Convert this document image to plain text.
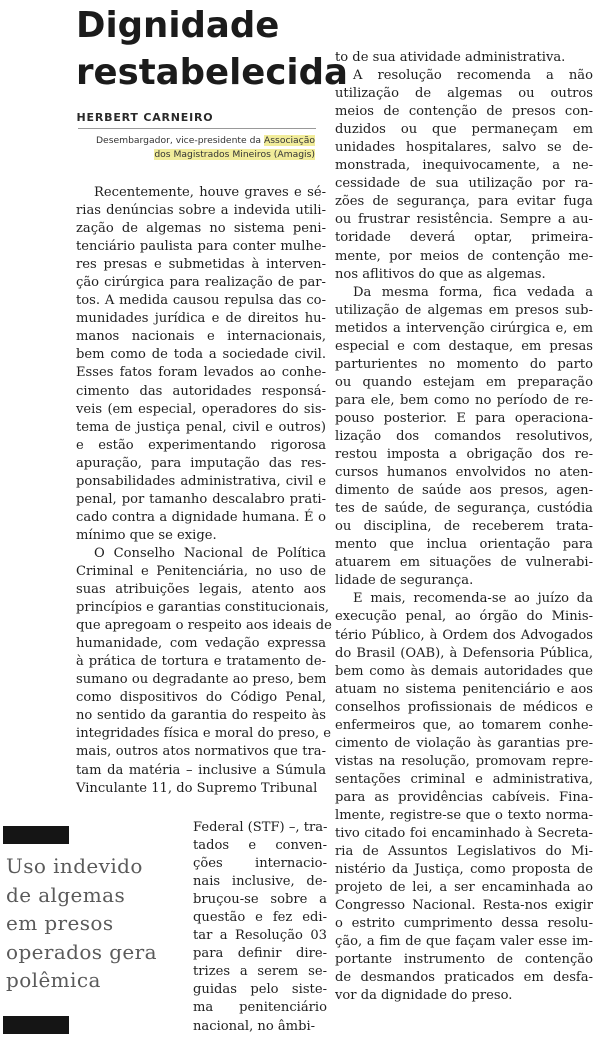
Dignidade
restabelecida
HERBERT CARNEIRO
Desembargador, vice-presidente da Associação
dos Magistrados Mineiros (Amagis)
Recentemente, houve graves e sé-
rias denúncias sobre a indevida utili-
zação de algemas no sistema peni-
tenciário paulista para conter mulhe-
res presas e submetidas à interven-
ção cirúrgica para realização de par-
tos. A medida causou repulsa das co-
munidades jurídica e de direitos hu-
manos nacionais e internacionais,
bem como de toda a sociedade civil.
Esses fatos foram levados ao conhe-
cimento das autoridades responsá-
veis (em especial, operadores do sis-
tema de justiça penal, civil e outros)
e estão experimentando rigorosa
apuração, para imputação das res-
ponsabilidades administrativa, civil e
penal, por tamanho descalabro prati-
cado contra a dignidade humana. É o
mínimo que se exige.
O Conselho Nacional de Política
Criminal e Penitenciária, no uso de
suas atribuições legais, atento aos
princípios e garantias constitucionais,
que apregoam o respeito aos ideais de
humanidade, com vedação expressa
à prática de tortura e tratamento de-
sumano ou degradante ao preso, bem
como dispositivos do Código Penal,
no sentido da garantia do respeito às
integridades física e moral do preso, e
mais, outros atos normativos que tra-
tam da matéria – inclusive a Súmula
Vinculante 11, do Supremo Tribunal
Federal (STF) –, tra-
tados e conven-
ções internacio-
nais inclusive, de-
bruçou-se sobre a
questão e fez edi-
tar a Resolução 03
para definir dire-
trizes a serem se-
guidas pelo siste-
ma penitenciário
nacional, no âmbi-
to de sua atividade administrativa.
A resolução recomenda a não
utilização de algemas ou outros
meios de contenção de presos con-
duzidos ou que permaneçam em
unidades hospitalares, salvo se de-
monstrada, inequivocamente, a ne-
cessidade de sua utilização por ra-
zões de segurança, para evitar fuga
ou frustrar resistência. Sempre a au-
toridade deverá optar, primeira-
mente, por meios de contenção me-
nos aflitivos do que as algemas.
Da mesma forma, fica vedada a
utilização de algemas em presos sub-
metidos a intervenção cirúrgica e, em
especial e com destaque, em presas
parturientes no momento do parto
ou quando estejam em preparação
para ele, bem como no período de re-
pouso posterior. E para operaciona-
lização dos comandos resolutivos,
restou imposta a obrigação dos re-
cursos humanos envolvidos no aten-
dimento de saúde aos presos, agen-
tes de saúde, de segurança, custódia
ou disciplina, de receberem trata-
mento que inclua orientação para
atuarem em situações de vulnerabi-
lidade de segurança.
E mais, recomenda-se ao juízo da
execução penal, ao órgão do Minis-
tério Público, à Ordem dos Advogados
do Brasil (OAB), à Defensoria Pública,
bem como às demais autoridades que
atuam no sistema penitenciário e aos
conselhos profissionais de médicos e
enfermeiros que, ao tomarem conhe-
cimento de violação às garantias pre-
vistas na resolução, promovam repre-
sentações criminal e administrativa,
para as providências cabíveis. Fina-
lmente, registre-se que o texto norma-
tivo citado foi encaminhado à Secreta-
ria de Assuntos Legislativos do Mi-
nistério da Justiça, como proposta de
projeto de lei, a ser encaminhada ao
Congresso Nacional. Resta-nos exigir
o estrito cumprimento dessa resolu-
ção, a fim de que façam valer esse im-
portante instrumento de contenção
de desmandos praticados em desfa-
vor da dignidade do preso.
Uso indevido
de algemas
em presos
operados gera
polêmica
